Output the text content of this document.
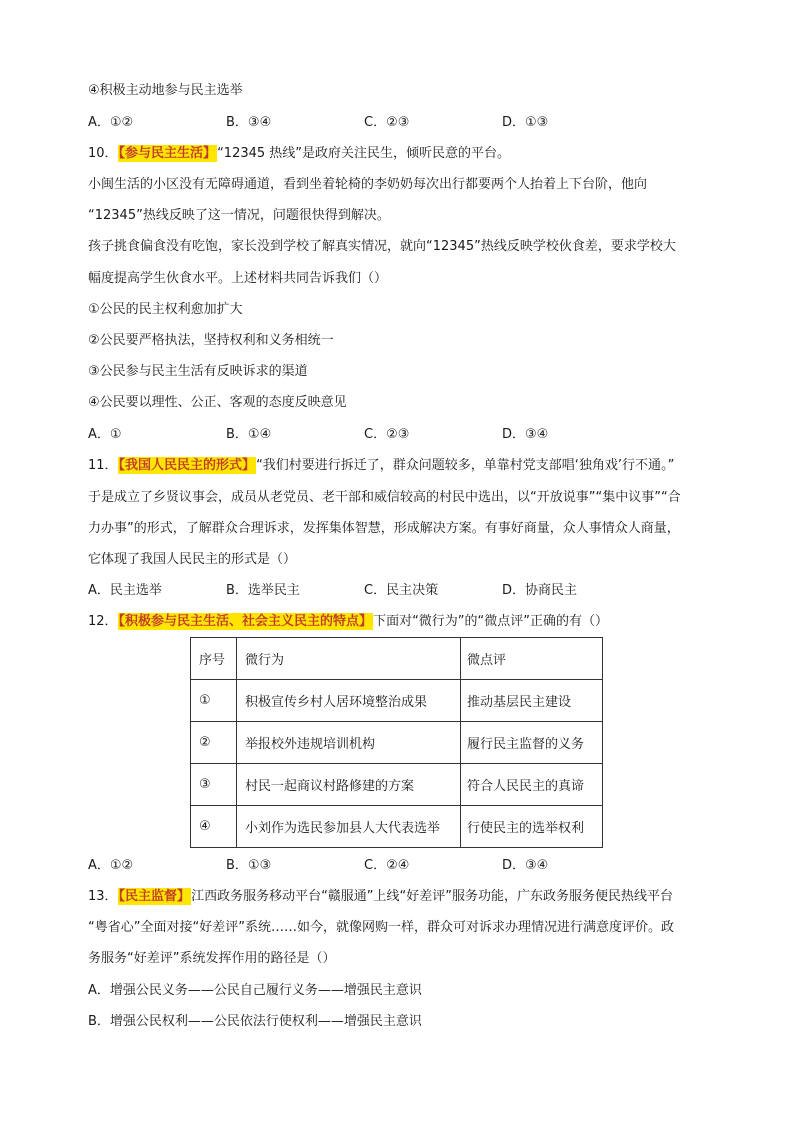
④积极主动地参与民主选举
A．①②	B．③④	C．②③	D．①③
10．【参与民主生活】“12345 热线”是政府关注民生，倾听民意的平台。
小闽生活的小区没有无障碍通道，看到坐着轮椅的李奶奶每次出行都要两个人抬着上下台阶，他向
“12345”热线反映了这一情况，问题很快得到解决。
孩子挑食偏食没有吃饱，家长没到学校了解真实情况，就向“12345”热线反映学校伙食差，要求学校大
幅度提高学生伙食水平。上述材料共同告诉我们（）
①公民的民主权利愈加扩大
②公民要严格执法，坚持权利和义务相统一
③公民参与民主生活有反映诉求的渠道
④公民要以理性、公正、客观的态度反映意见
A．①	B．①④	C．②③	D．③④
11．【我国人民民主的形式】“我们村要进行拆迁了，群众问题较多，单靠村党支部唱‘独角戏’行不通。”
于是成立了乡贤议事会，成员从老党员、老干部和威信较高的村民中选出，以“开放说事”“集中议事”“合
力办事”的形式，了解群众合理诉求，发挥集体智慧，形成解决方案。有事好商量，众人事情众人商量，
它体现了我国人民民主的形式是（）
A．民主选举	B．选举民主	C．民主决策	D．协商民主
12．【积极参与民主生活、社会主义民主的特点】下面对“微行为”的“微点评”正确的有（）
序号	微行为	微点评
①	积极宣传乡村人居环境整治成果	推动基层民主建设
②	举报校外违规培训机构	履行民主监督的义务
③	村民一起商议村路修建的方案	符合人民民主的真谛
④	小刘作为选民参加县人大代表选举	行使民主的选举权利
A．①②	B．①③	C．②④	D．③④
13．【民主监督】江西政务服务移动平台“赣服通”上线“好差评”服务功能，广东政务服务便民热线平台
“粤省心”全面对接“好差评”系统……如今，就像网购一样，群众可对诉求办理情况进行满意度评价。政
务服务“好差评”系统发挥作用的路径是（）
A．增强公民义务——公民自己履行义务——增强民主意识
B．增强公民权利——公民依法行使权利——增强民主意识
